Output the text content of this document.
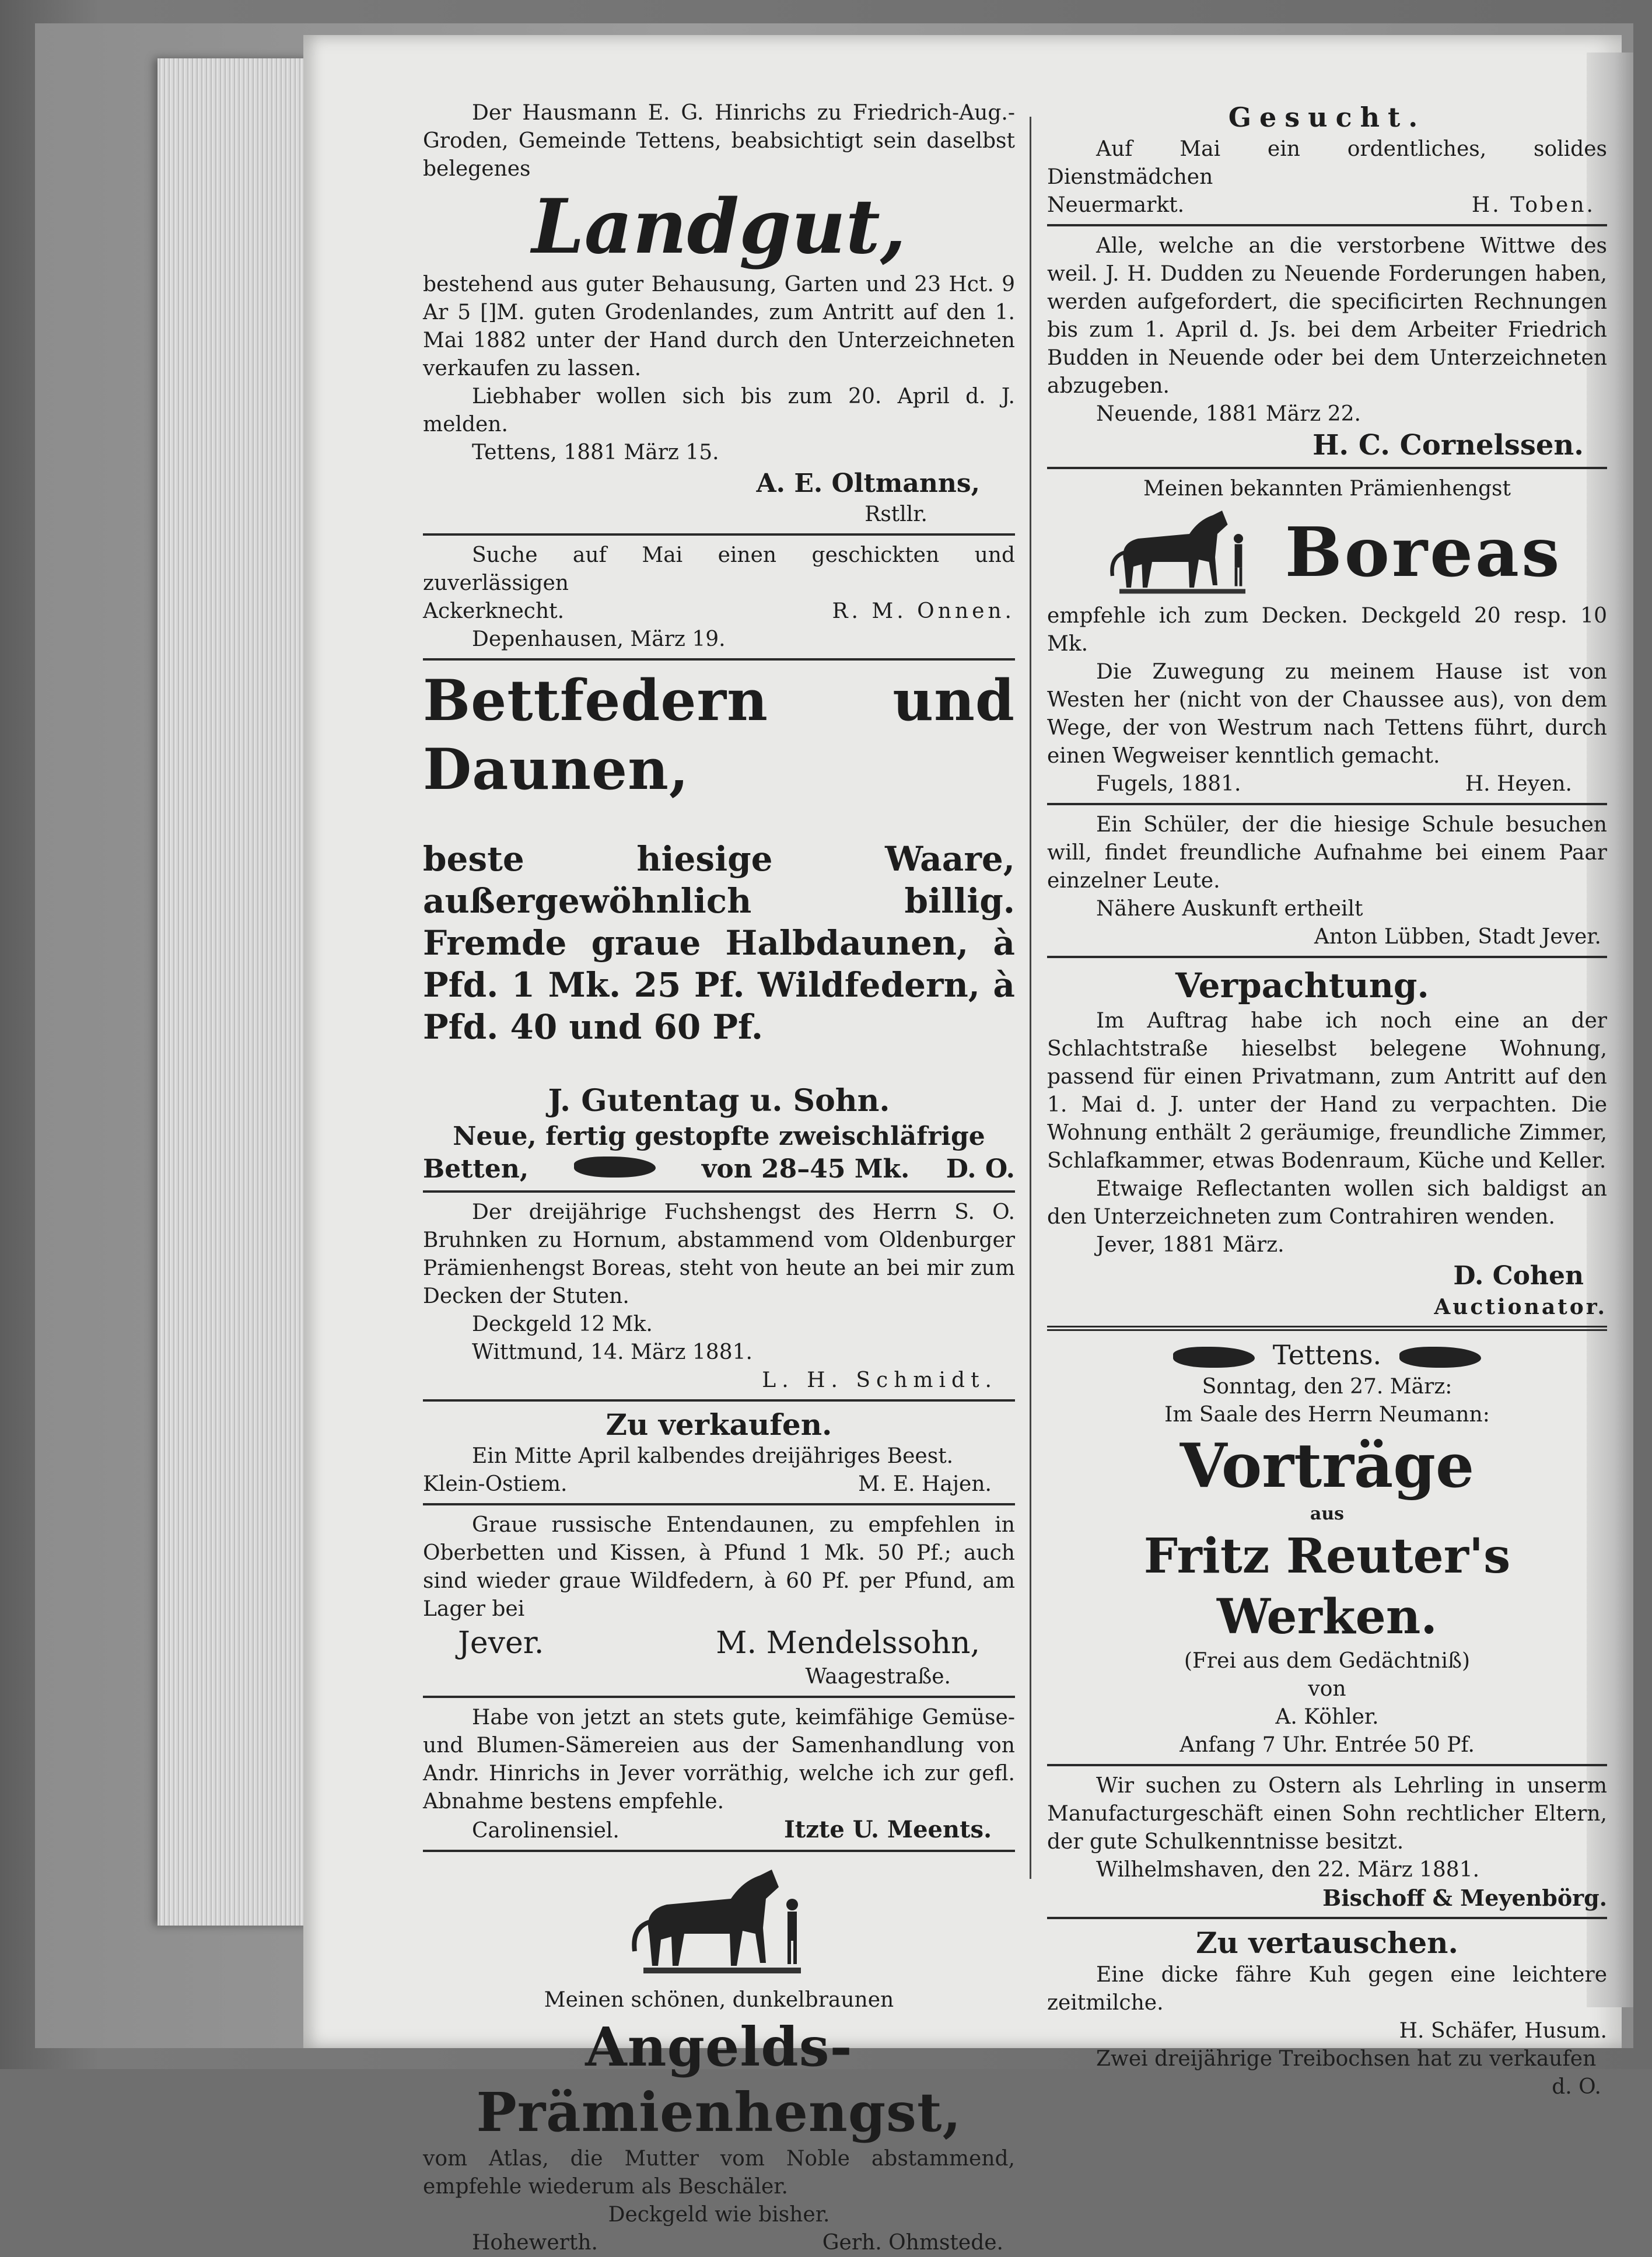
Der Hausmann E. G. Hinrichs zu Friedrich-Aug.-Groden, Gemeinde Tettens, beabsichtigt sein daselbst belegenes

Landgut,

bestehend aus guter Behausung, Garten und 23 Hct. 9 Ar 5 []M. guten Grodenlandes, zum Antritt auf den 1. Mai 1882 unter der Hand durch den Unterzeichneten verkaufen zu lassen.

Liebhaber wollen sich bis zum 20. April d. J. melden.

Tettens, 1881 März 15.

A. E. Oltmanns,
Rstllr.

Suche auf Mai einen geschickten und zuverlässigen

Ackerknecht.	R. M. Onnen.

Depenhausen, März 19.

Bettfedern und Daunen,

beste hiesige Waare, außergewöhnlich billig. Fremde graue Halbdaunen, à Pfd. 1 Mk. 25 Pf. Wildfedern, à Pfd. 40 und 60 Pf.

J. Gutentag u. Sohn.
Neue, fertig gestopfte zweischläfrige
Betten,	von 28–45 Mk. D. O.

Der dreijährige Fuchshengst des Herrn S. O. Bruhnken zu Hornum, abstammend vom Oldenburger Prämienhengst Boreas, steht von heute an bei mir zum Decken der Stuten.

Deckgeld 12 Mk.

Wittmund, 14. März 1881.

L. H. Schmidt.
Zu verkaufen.

Ein Mitte April kalbendes dreijähriges Beest.

Klein-Ostiem.	M. E. Hajen.

Graue russische Entendaunen, zu empfehlen in Oberbetten und Kissen, à Pfund 1 Mk. 50 Pf.; auch sind wieder graue Wildfedern, à 60 Pf. per Pfund, am Lager bei

Jever.	M. Mendelssohn,
Waagestraße.

Habe von jetzt an stets gute, keimfähige Gemüse- und Blumen-Sämereien aus der Samenhandlung von Andr. Hinrichs in Jever vorräthig, welche ich zur gefl. Abnahme bestens empfehle.

Carolinensiel.	Itzte U. Meents.
Meinen schönen, dunkelbraunen
Angelds-Prämienhengst,

vom Atlas, die Mutter vom Noble abstammend, empfehle wiederum als Beschäler.

Deckgeld wie bisher.
Hohewerth.	Gerh. Ohmstede.
Gesucht.

Auf Mai ein ordentliches, solides Dienstmädchen

Neuermarkt.	H. Toben.

Alle, welche an die verstorbene Wittwe des weil. J. H. Dudden zu Neuende Forderungen haben, werden aufgefordert, die specificirten Rechnungen bis zum 1. April d. Js. bei dem Arbeiter Friedrich Budden in Neuende oder bei dem Unterzeichneten abzugeben.

Neuende, 1881 März 22.

H. C. Cornelssen.
Meinen bekannten Prämienhengst
Boreas

empfehle ich zum Decken. Deckgeld 20 resp. 10 Mk.

Die Zuwegung zu meinem Hause ist von Westen her (nicht von der Chaussee aus), von dem Wege, der von Westrum nach Tettens führt, durch einen Wegweiser kenntlich gemacht.

Fugels, 1881.	H. Heyen.

Ein Schüler, der die hiesige Schule besuchen will, findet freundliche Aufnahme bei einem Paar einzelner Leute.

Nähere Auskunft ertheilt

Anton Lübben, Stadt Jever.
Verpachtung.

Im Auftrag habe ich noch eine an der Schlachtstraße hieselbst belegene Wohnung, passend für einen Privatmann, zum Antritt auf den 1. Mai d. J. unter der Hand zu verpachten. Die Wohnung enthält 2 geräumige, freundliche Zimmer, Schlafkammer, etwas Bodenraum, Küche und Keller.

Etwaige Reflectanten wollen sich baldigst an den Unterzeichneten zum Contrahiren wenden.

Jever, 1881 März.

D. Cohen
Auctionator.
Tettens.
Sonntag, den 27. März:
Im Saale des Herrn Neumann:
Vorträge
aus
Fritz Reuter's Werken.
(Frei aus dem Gedächtniß)
von
A. Köhler.
Anfang 7 Uhr. Entrée 50 Pf.

Wir suchen zu Ostern als Lehrling in unserm Manufacturgeschäft einen Sohn rechtlicher Eltern, der gute Schulkenntnisse besitzt.

Wilhelmshaven, den 22. März 1881.

Bischoff & Meyenbörg.
Zu vertauschen.

Eine dicke fähre Kuh gegen eine leichtere zeitmilche.

H. Schäfer, Husum.

Zwei dreijährige Treibochsen hat zu verkaufen

d. O.
